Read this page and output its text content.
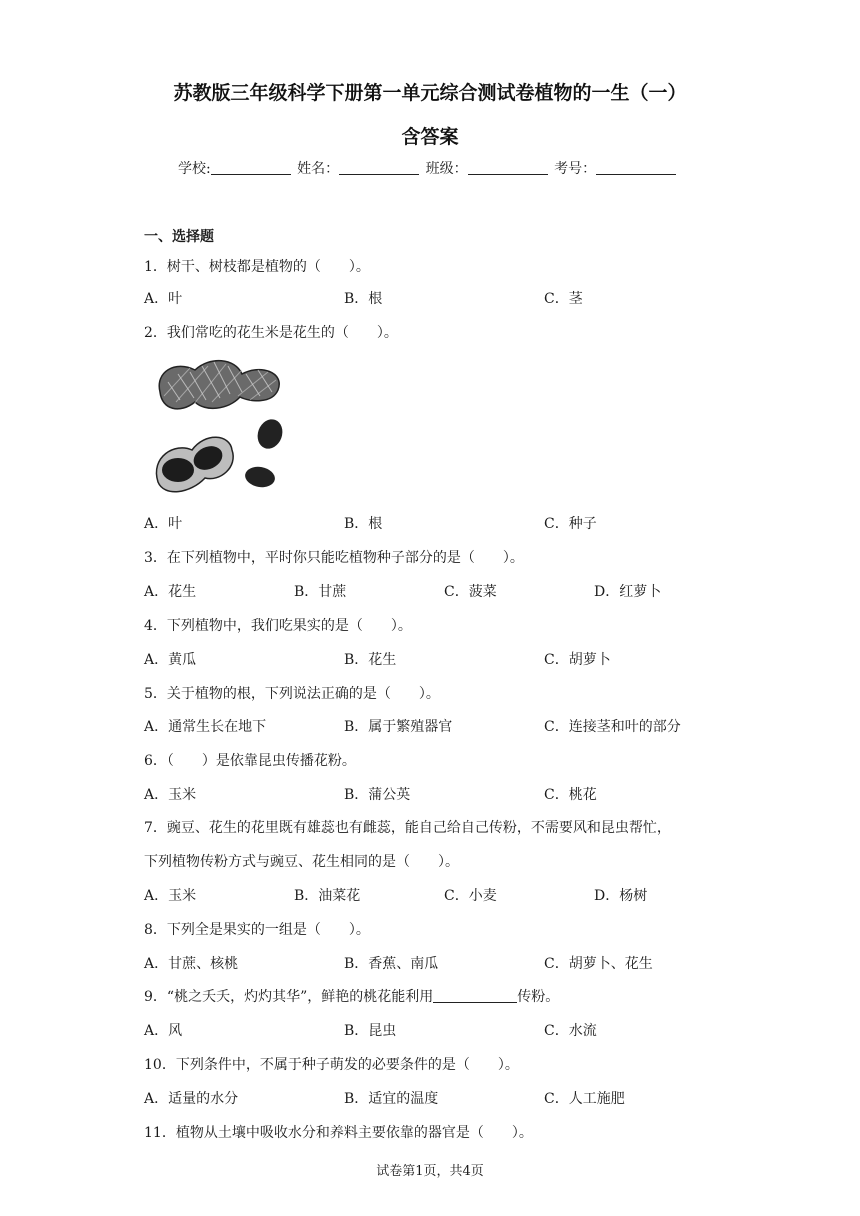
苏教版三年级科学下册第一单元综合测试卷植物的一生（一）
含答案
学校:	姓名：	班级：	考号：
一、选择题
1．树干、树枝都是植物的（　　）。
A．叶	B．根	C．茎
2．我们常吃的花生米是花生的（　　）。
A．叶	B．根	C．种子
3．在下列植物中，平时你只能吃植物种子部分的是（　　）。
A．花生	B．甘蔗	C．菠菜	D．红萝卜
4．下列植物中，我们吃果实的是（　　）。
A．黄瓜	B．花生	C．胡萝卜
5．关于植物的根，下列说法正确的是（　　）。
A．通常生长在地下	B．属于繁殖器官	C．连接茎和叶的部分
6．（　　）是依靠昆虫传播花粉。
A．玉米	B．蒲公英	C．桃花
7．豌豆、花生的花里既有雄蕊也有雌蕊，能自己给自己传粉，不需要风和昆虫帮忙，
下列植物传粉方式与豌豆、花生相同的是（　　）。
A．玉米	B．油菜花	C．小麦	D．杨树
8．下列全是果实的一组是（　　）。
A．甘蔗、核桃	B．香蕉、南瓜	C．胡萝卜、花生
9．“桃之夭夭，灼灼其华”，鲜艳的桃花能利用	传粉。
A．风	B．昆虫	C．水流
10．下列条件中，不属于种子萌发的必要条件的是（　　）。
A．适量的水分	B．适宜的温度	C．人工施肥
11．植物从土壤中吸收水分和养料主要依靠的器官是（　　）。
试卷第1页，共4页
